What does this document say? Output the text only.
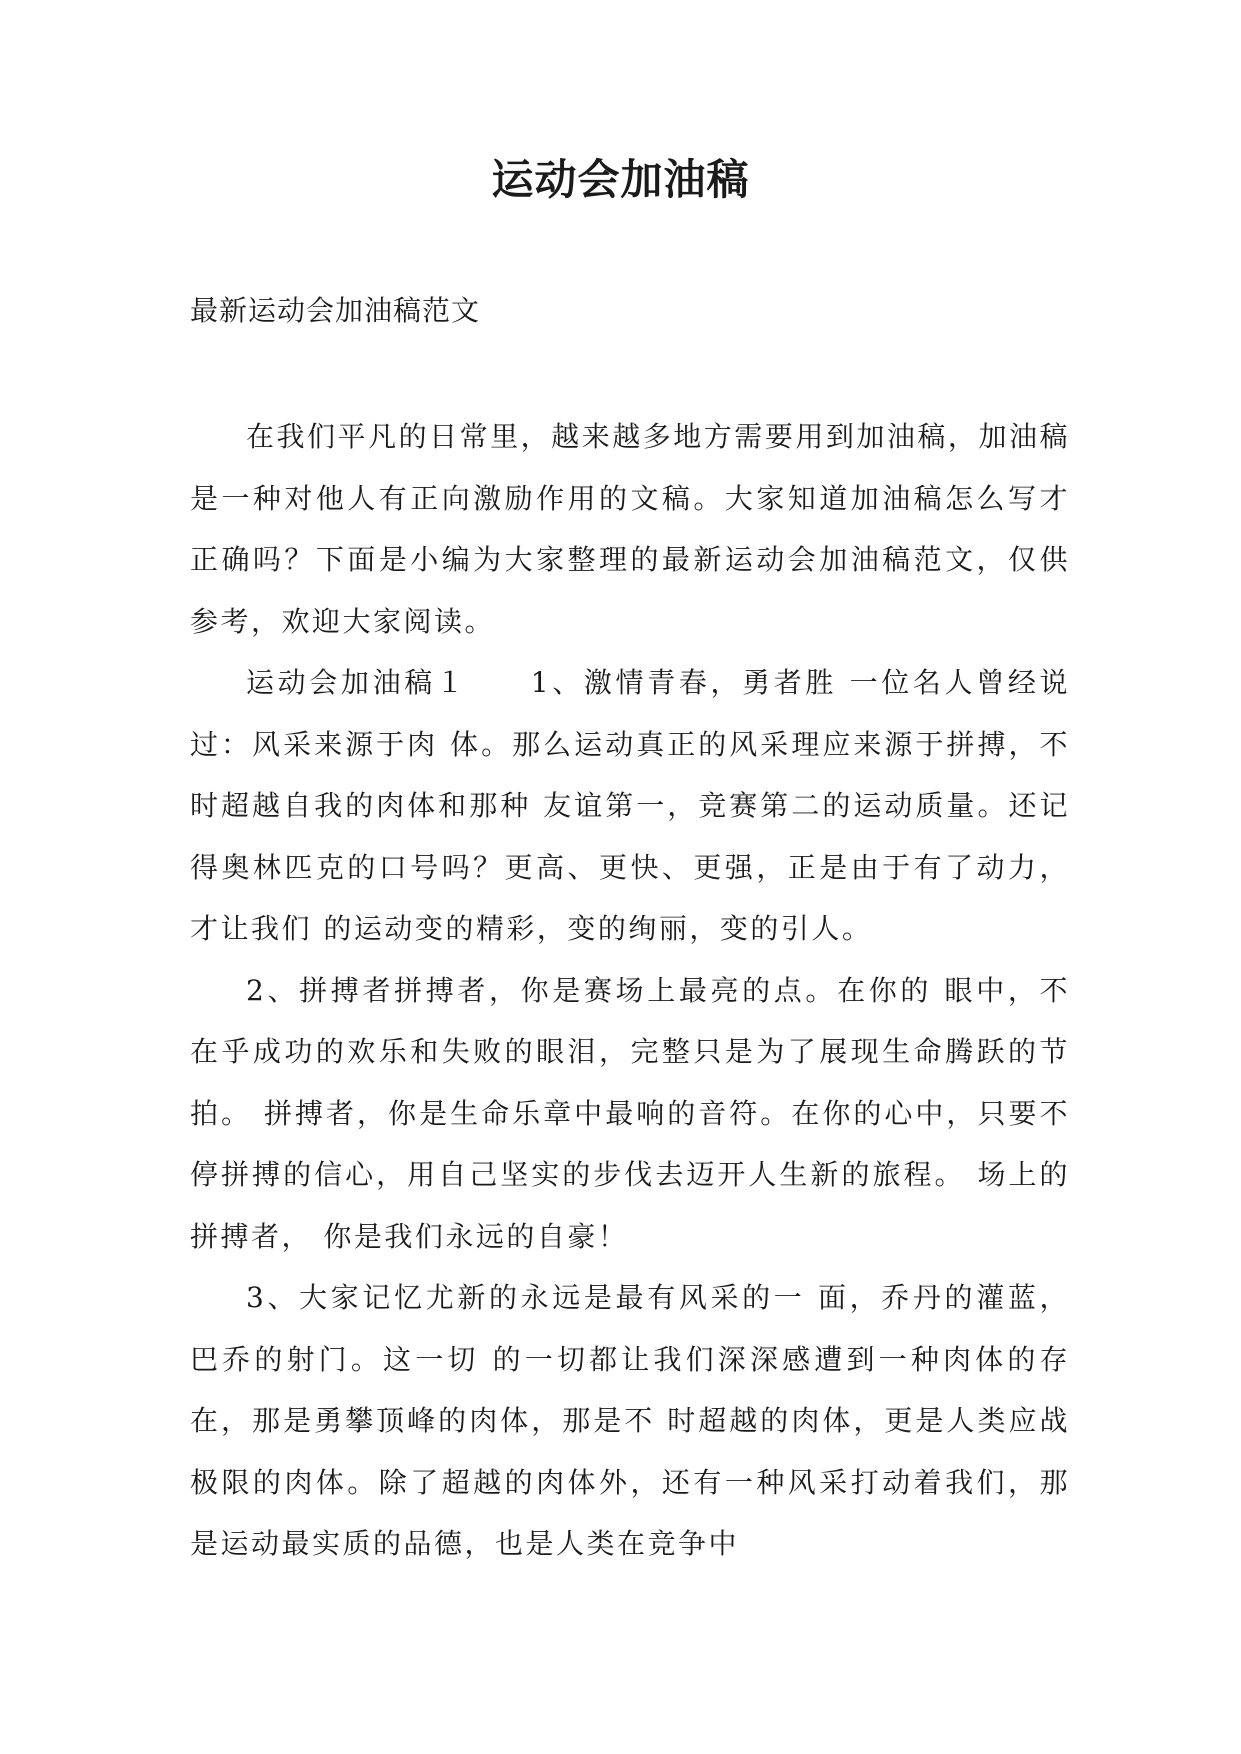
运动会加油稿

最新运动会加油稿范文

在我们平凡的日常里，越来越多地方需要用到加油稿，加油稿是一种对他人有正向激励作用的文稿。大家知道加油稿怎么写才正确吗？下面是小编为大家整理的最新运动会加油稿范文，仅供参考，欢迎大家阅读。

运动会加油稿１　　1、激情青春，勇者胜 一位名人曾经说过：风采来源于肉 体。那么运动真正的风采理应来源于拼搏，不时超越自我的肉体和那种 友谊第一，竞赛第二的运动质量。还记得奥林匹克的口号吗？更高、更快、更强，正是由于有了动力，才让我们 的运动变的精彩，变的绚丽，变的引人。

2、拼搏者拼搏者，你是赛场上最亮的点。在你的 眼中，不在乎成功的欢乐和失败的眼泪，完整只是为了展现生命腾跃的节拍。 拼搏者，你是生命乐章中最响的音符。在你的心中，只要不停拼搏的信心，用自己坚实的步伐去迈开人生新的旅程。 场上的拼搏者， 你是我们永远的自豪！

3、大家记忆尤新的永远是最有风采的一 面，乔丹的灌蓝，巴乔的射门。这一切 的一切都让我们深深感遭到一种肉体的存在，那是勇攀顶峰的肉体，那是不 时超越的肉体，更是人类应战极限的肉体。除了超越的肉体外，还有一种风采打动着我们，那是运动最实质的品德，也是人类在竞争中
